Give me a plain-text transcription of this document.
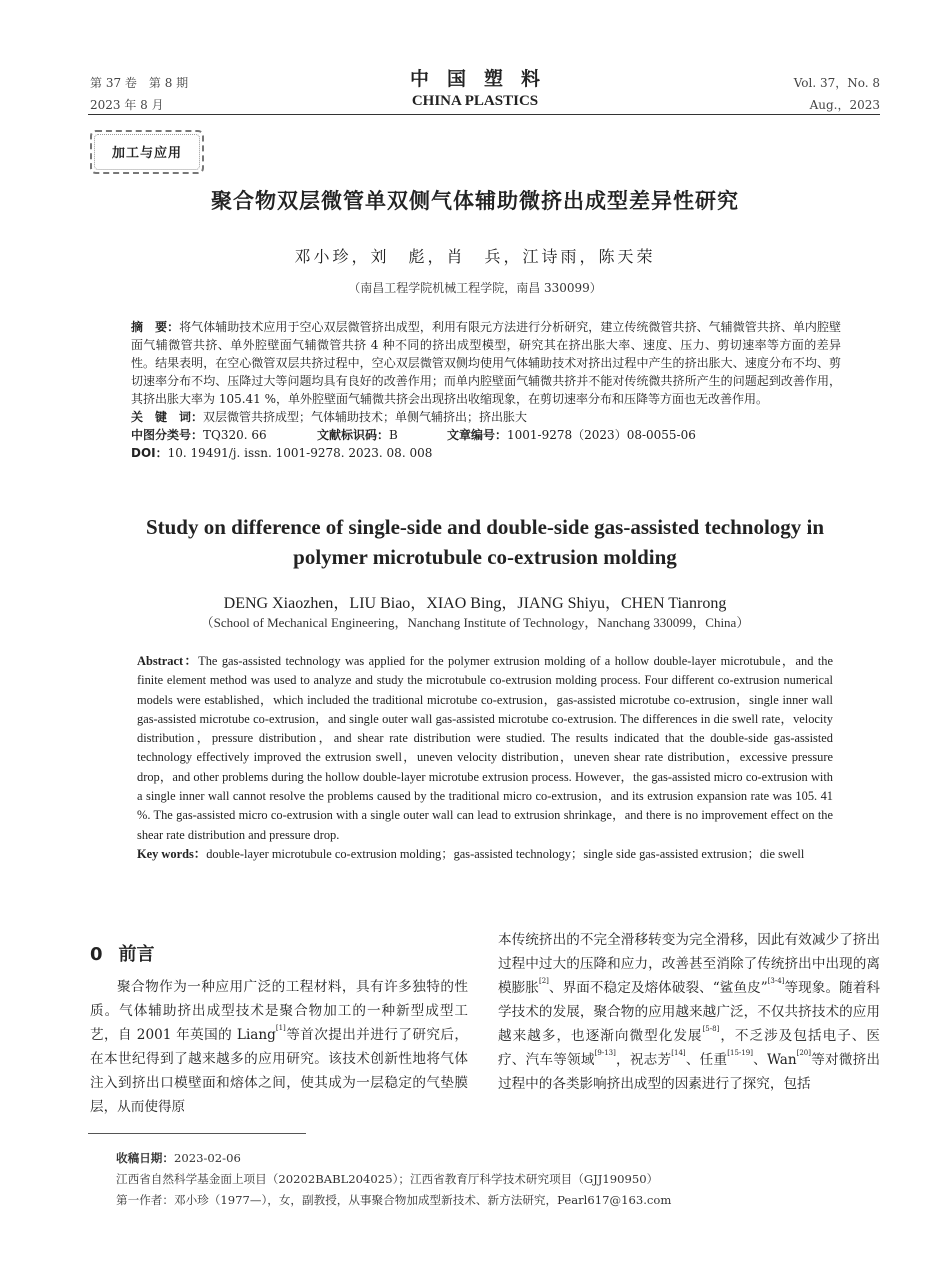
第 37 卷　第 8 期
2023 年 8 月
中国塑料
CHINA PLASTICS
Vol. 37，No. 8
Aug.，2023
加工与应用
聚合物双层微管单双侧气体辅助微挤出成型差异性研究
邓小珍，刘　彪，肖　兵，江诗雨，陈天荣
（南昌工程学院机械工程学院，南昌 330099）

摘　要：将气体辅助技术应用于空心双层微管挤出成型，利用有限元方法进行分析研究，建立传统微管共挤、气辅微管共挤、单内腔壁面气辅微管共挤、单外腔壁面气辅微管共挤 4 种不同的挤出成型模型，研究其在挤出胀大率、速度、压力、剪切速率等方面的差异性。结果表明，在空心微管双层共挤过程中，空心双层微管双侧均使用气体辅助技术对挤出过程中产生的挤出胀大、速度分布不均、剪切速率分布不均、压降过大等问题均具有良好的改善作用；而单内腔壁面气辅微共挤并不能对传统微共挤所产生的问题起到改善作用，其挤出胀大率为 105.41 %，单外腔壁面气辅微共挤会出现挤出收缩现象，在剪切速率分布和压降等方面也无改善作用。

关　键　词：双层微管共挤成型；气体辅助技术；单侧气辅挤出；挤出胀大

中图分类号：TQ320. 66	文献标识码：B	文章编号：1001-9278（2023）08-0055-06

DOI：10. 19491/j. issn. 1001-9278. 2023. 08. 008

Study on difference of single-side and double-side gas-assisted technology in polymer microtubule co-extrusion molding
DENG Xiaozhen，LIU Biao，XIAO Bing，JIANG Shiyu，CHEN Tianrong
（School of Mechanical Engineering，Nanchang Institute of Technology，Nanchang 330099，China）

Abstract：The gas-assisted technology was applied for the polymer extrusion molding of a hollow double-layer microtubule，and the finite element method was used to analyze and study the microtubule co-extrusion molding process. Four different co-extrusion numerical models were established，which included the traditional microtube co-extrusion，gas-assisted microtube co-extrusion，single inner wall gas-assisted microtube co-extrusion，and single outer wall gas-assisted microtube co-extrusion. The differences in die swell rate，velocity distribution，pressure distribution，and shear rate distribution were studied. The results indicated that the double-side gas-assisted technology effectively improved the extrusion swell，uneven velocity distribution，uneven shear rate distribution，excessive pressure drop，and other problems during the hollow double-layer microtube extrusion process. However，the gas-assisted micro co-extrusion with a single inner wall cannot resolve the problems caused by the traditional micro co-extrusion，and its extrusion expansion rate was 105. 41 %. The gas-assisted micro co-extrusion with a single outer wall can lead to extrusion shrinkage，and there is no improvement effect on the shear rate distribution and pressure drop.

Key words：double-layer microtubule co-extrusion molding；gas-assisted technology；single side gas-assisted extrusion；die swell

0 前言
聚合物作为一种应用广泛的工程材料，具有许多独特的性质。气体辅助挤出成型技术是聚合物加工的一种新型成型工艺，自 2001 年英国的 Liang[1]等首次提出并进行了研究后，在本世纪得到了越来越多的应用研究。该技术创新性地将气体注入到挤出口模壁面和熔体之间，使其成为一层稳定的气垫膜层，从而使得原
本传统挤出的不完全滑移转变为完全滑移，因此有效减少了挤出过程中过大的压降和应力，改善甚至消除了传统挤出中出现的离模膨胀[2]、界面不稳定及熔体破裂、“鲨鱼皮”[3-4]等现象。随着科学技术的发展，聚合物的应用越来越广泛，不仅共挤技术的应用越来越多，也逐渐向微型化发展[5-8]，不乏涉及包括电子、医疗、汽车等领域[9-13]，祝志芳[14]、任重[15-19]、Wan[20]等对微挤出过程中的各类影响挤出成型的因素进行了探究，包括
收稿日期：2023-02-06
江西省自然科学基金面上项目（20202BABL204025）；江西省教育厅科学技术研究项目（GJJ190950）
第一作者：邓小珍（1977—），女，副教授，从事聚合物加成型新技术、新方法研究，Pearl617@163.com
